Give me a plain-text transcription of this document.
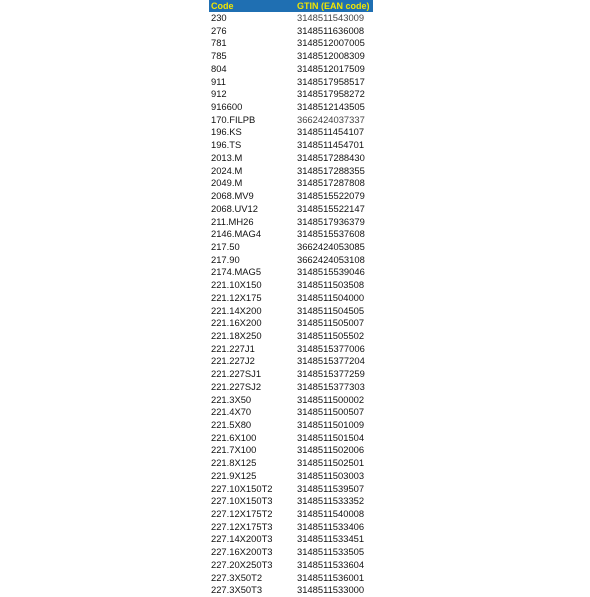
Code	GTIN (EAN code)
230	3148511543009
276	3148511636008
781	3148512007005
785	3148512008309
804	3148512017509
911	3148517958517
912	3148517958272
916600	3148512143505
170.FILPB	3662424037337
196.KS	3148511454107
196.TS	3148511454701
2013.M	3148517288430
2024.M	3148517288355
2049.M	3148517287808
2068.MV9	3148515522079
2068.UV12	3148515522147
211.MH26	3148517936379
2146.MAG4	3148515537608
217.50	3662424053085
217.90	3662424053108
2174.MAG5	3148515539046
221.10X150	3148511503508
221.12X175	3148511504000
221.14X200	3148511504505
221.16X200	3148511505007
221.18X250	3148511505502
221.227J1	3148515377006
221.227J2	3148515377204
221.227SJ1	3148515377259
221.227SJ2	3148515377303
221.3X50	3148511500002
221.4X70	3148511500507
221.5X80	3148511501009
221.6X100	3148511501504
221.7X100	3148511502006
221.8X125	3148511502501
221.9X125	3148511503003
227.10X150T2	3148511539507
227.10X150T3	3148511533352
227.12X175T2	3148511540008
227.12X175T3	3148511533406
227.14X200T3	3148511533451
227.16X200T3	3148511533505
227.20X250T3	3148511533604
227.3X50T2	3148511536001
227.3X50T3	3148511533000
